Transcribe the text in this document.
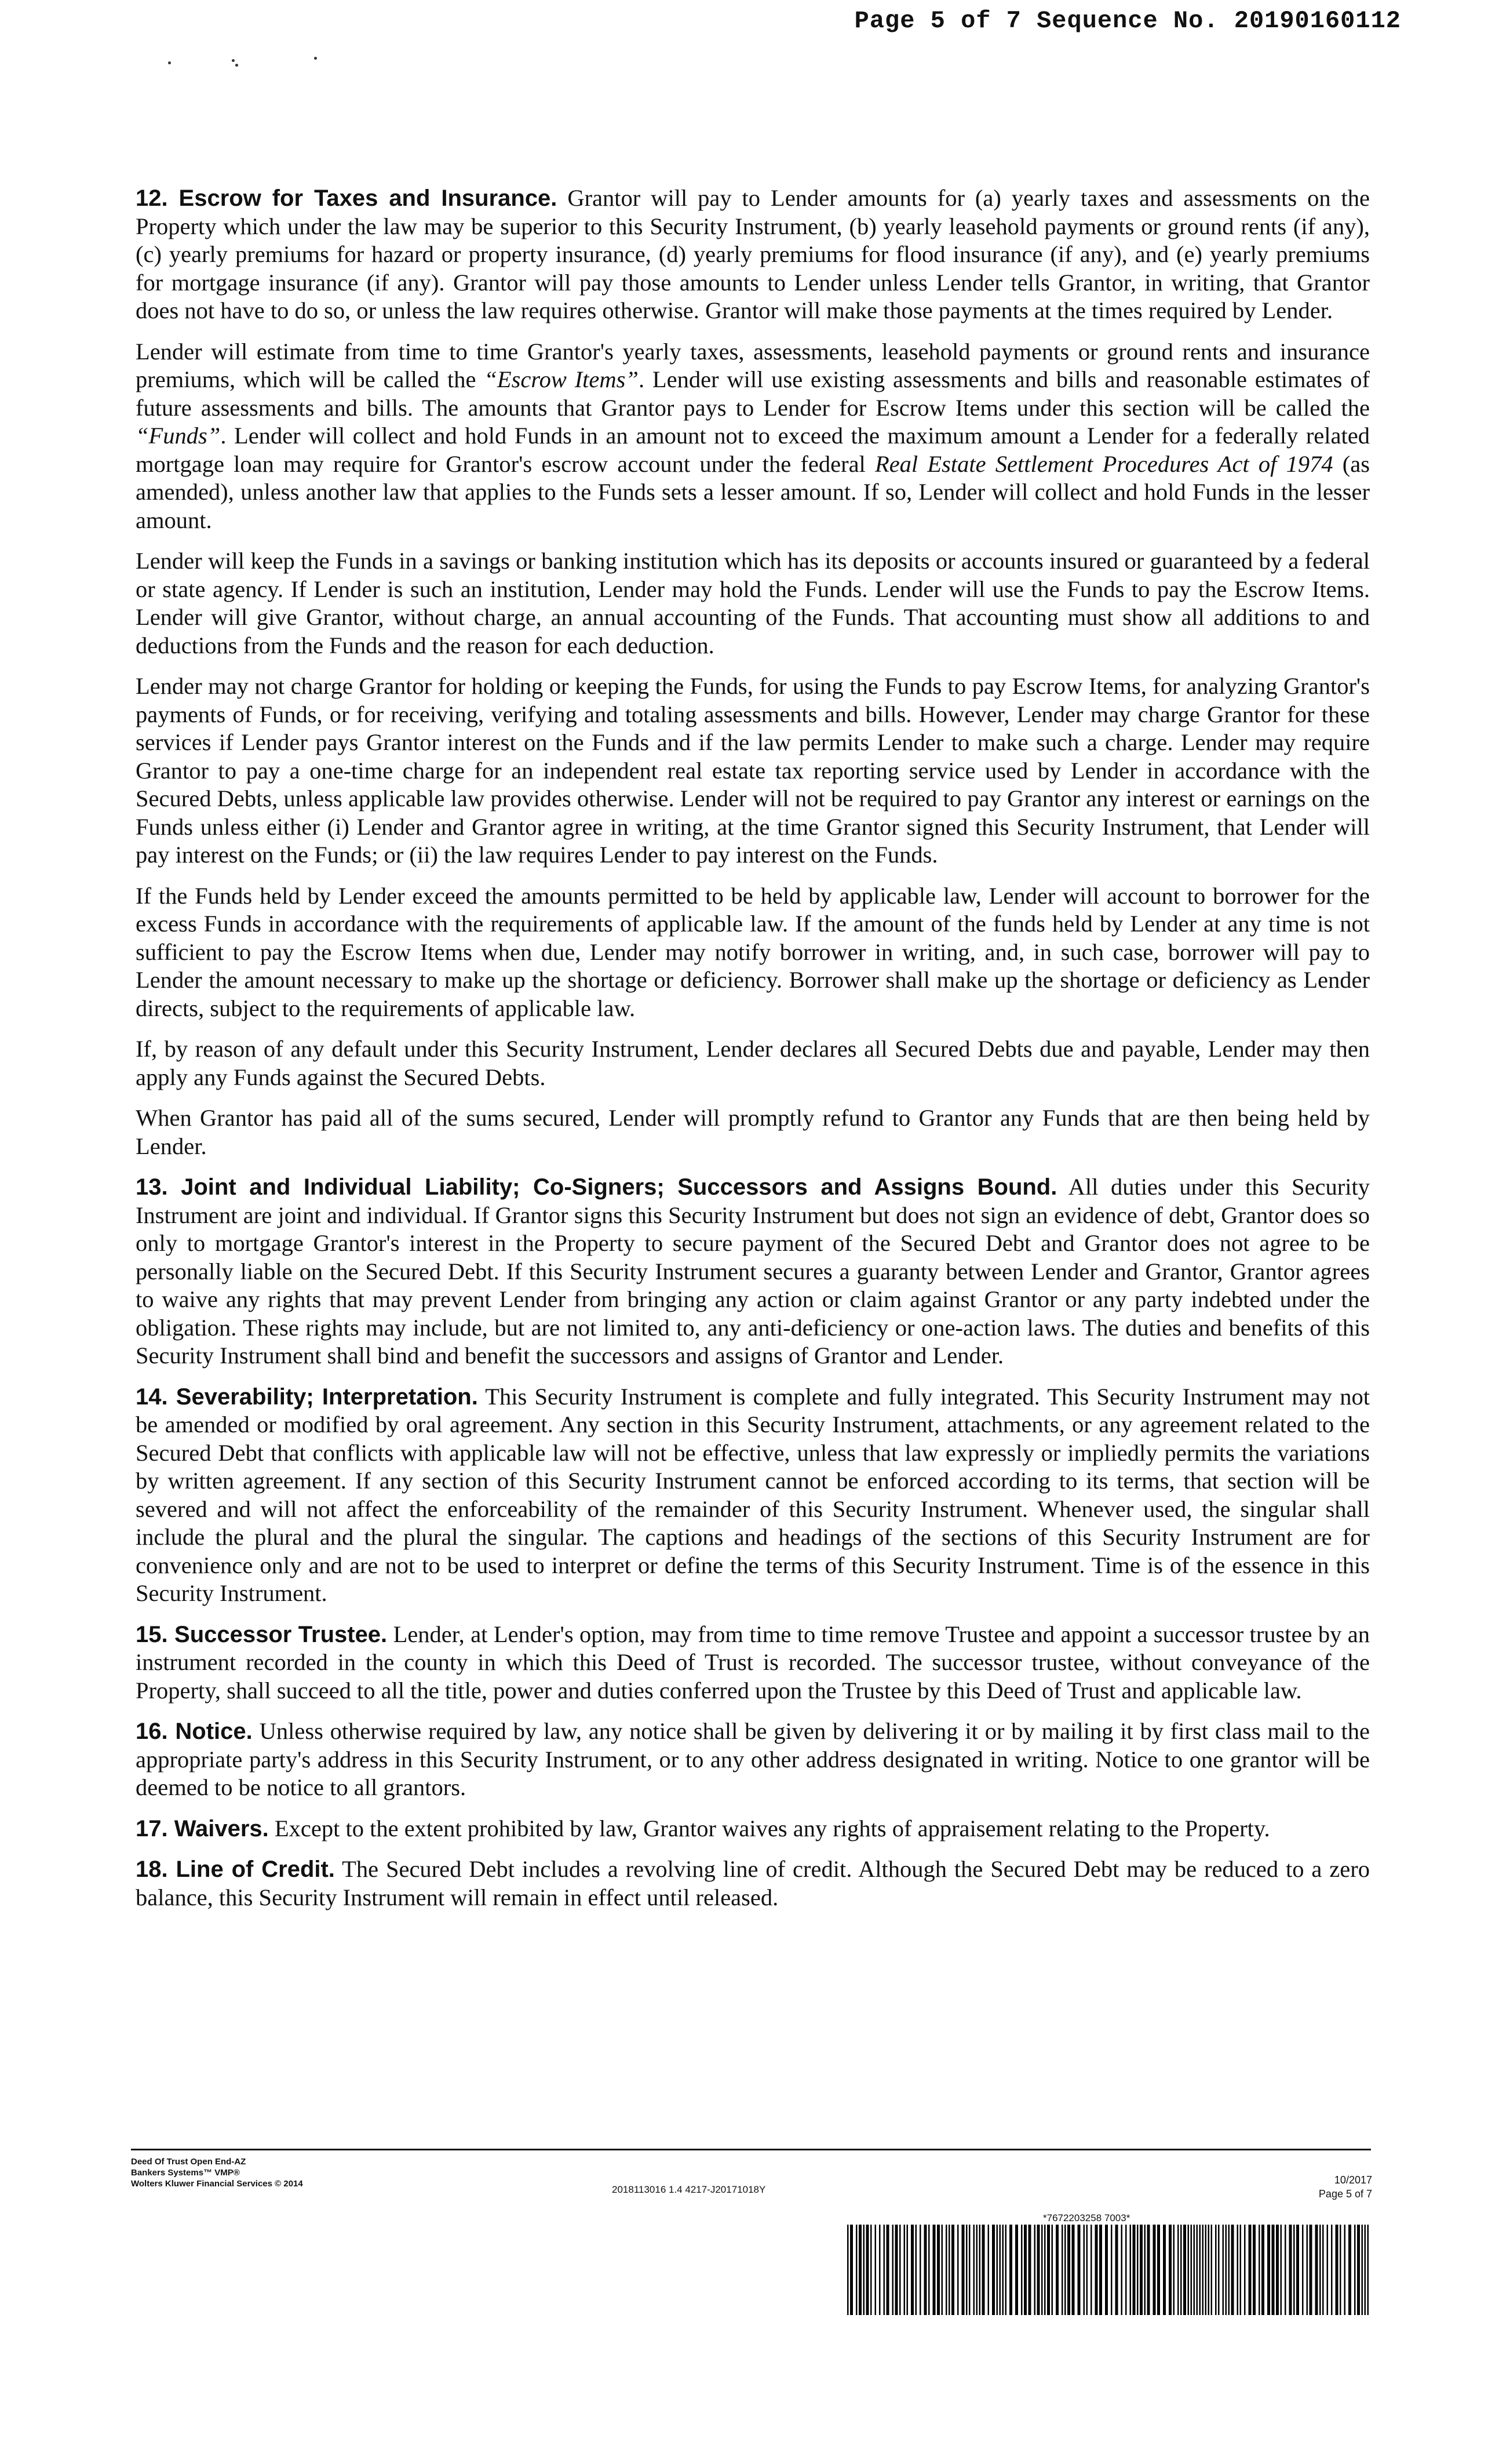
Page 5 of 7 Sequence No. 20190160112

12. Escrow for Taxes and Insurance. Grantor will pay to Lender amounts for (a) yearly taxes and assessments on the Property which under the law may be superior to this Security Instrument, (b) yearly leasehold payments or ground rents (if any), (c) yearly premiums for hazard or property insurance, (d) yearly premiums for flood insurance (if any), and (e) yearly premiums for mortgage insurance (if any). Grantor will pay those amounts to Lender unless Lender tells Grantor, in writing, that Grantor does not have to do so, or unless the law requires otherwise. Grantor will make those payments at the times required by Lender.

Lender will estimate from time to time Grantor's yearly taxes, assessments, leasehold payments or ground rents and insurance premiums, which will be called the “Escrow Items”. Lender will use existing assessments and bills and reasonable estimates of future assessments and bills. The amounts that Grantor pays to Lender for Escrow Items under this section will be called the “Funds”. Lender will collect and hold Funds in an amount not to exceed the maximum amount a Lender for a federally related mortgage loan may require for Grantor's escrow account under the federal Real Estate Settlement Procedures Act of 1974 (as amended), unless another law that applies to the Funds sets a lesser amount. If so, Lender will collect and hold Funds in the lesser amount.

Lender will keep the Funds in a savings or banking institution which has its deposits or accounts insured or guaranteed by a federal or state agency. If Lender is such an institution, Lender may hold the Funds. Lender will use the Funds to pay the Escrow Items. Lender will give Grantor, without charge, an annual accounting of the Funds. That accounting must show all additions to and deductions from the Funds and the reason for each deduction.

Lender may not charge Grantor for holding or keeping the Funds, for using the Funds to pay Escrow Items, for analyzing Grantor's payments of Funds, or for receiving, verifying and totaling assessments and bills. However, Lender may charge Grantor for these services if Lender pays Grantor interest on the Funds and if the law permits Lender to make such a charge. Lender may require Grantor to pay a one-time charge for an independent real estate tax reporting service used by Lender in accordance with the Secured Debts, unless applicable law provides otherwise. Lender will not be required to pay Grantor any interest or earnings on the Funds unless either (i) Lender and Grantor agree in writing, at the time Grantor signed this Security Instrument, that Lender will pay interest on the Funds; or (ii) the law requires Lender to pay interest on the Funds.

If the Funds held by Lender exceed the amounts permitted to be held by applicable law, Lender will account to borrower for the excess Funds in accordance with the requirements of applicable law. If the amount of the funds held by Lender at any time is not sufficient to pay the Escrow Items when due, Lender may notify borrower in writing, and, in such case, borrower will pay to Lender the amount necessary to make up the shortage or deficiency. Borrower shall make up the shortage or deficiency as Lender directs, subject to the requirements of applicable law.

If, by reason of any default under this Security Instrument, Lender declares all Secured Debts due and payable, Lender may then apply any Funds against the Secured Debts.

When Grantor has paid all of the sums secured, Lender will promptly refund to Grantor any Funds that are then being held by Lender.

13. Joint and Individual Liability; Co-Signers; Successors and Assigns Bound. All duties under this Security Instrument are joint and individual. If Grantor signs this Security Instrument but does not sign an evidence of debt, Grantor does so only to mortgage Grantor's interest in the Property to secure payment of the Secured Debt and Grantor does not agree to be personally liable on the Secured Debt. If this Security Instrument secures a guaranty between Lender and Grantor, Grantor agrees to waive any rights that may prevent Lender from bringing any action or claim against Grantor or any party indebted under the obligation. These rights may include, but are not limited to, any anti-deficiency or one-action laws. The duties and benefits of this Security Instrument shall bind and benefit the successors and assigns of Grantor and Lender.

14. Severability; Interpretation. This Security Instrument is complete and fully integrated. This Security Instrument may not be amended or modified by oral agreement. Any section in this Security Instrument, attachments, or any agreement related to the Secured Debt that conflicts with applicable law will not be effective, unless that law expressly or impliedly permits the variations by written agreement. If any section of this Security Instrument cannot be enforced according to its terms, that section will be severed and will not affect the enforceability of the remainder of this Security Instrument. Whenever used, the singular shall include the plural and the plural the singular. The captions and headings of the sections of this Security Instrument are for convenience only and are not to be used to interpret or define the terms of this Security Instrument. Time is of the essence in this Security Instrument.

15. Successor Trustee. Lender, at Lender's option, may from time to time remove Trustee and appoint a successor trustee by an instrument recorded in the county in which this Deed of Trust is recorded. The successor trustee, without conveyance of the Property, shall succeed to all the title, power and duties conferred upon the Trustee by this Deed of Trust and applicable law.

16. Notice. Unless otherwise required by law, any notice shall be given by delivering it or by mailing it by first class mail to the appropriate party's address in this Security Instrument, or to any other address designated in writing. Notice to one grantor will be deemed to be notice to all grantors.

17. Waivers. Except to the extent prohibited by law, Grantor waives any rights of appraisement relating to the Property.

18. Line of Credit. The Secured Debt includes a revolving line of credit. Although the Secured Debt may be reduced to a zero balance, this Security Instrument will remain in effect until released.

Deed Of Trust Open End-AZ
Bankers Systems™ VMP®
Wolters Kluwer Financial Services © 2014
2018113016 1.4 4217-J20171018Y
10/2017
Page 5 of 7
*7672203258 7003*
